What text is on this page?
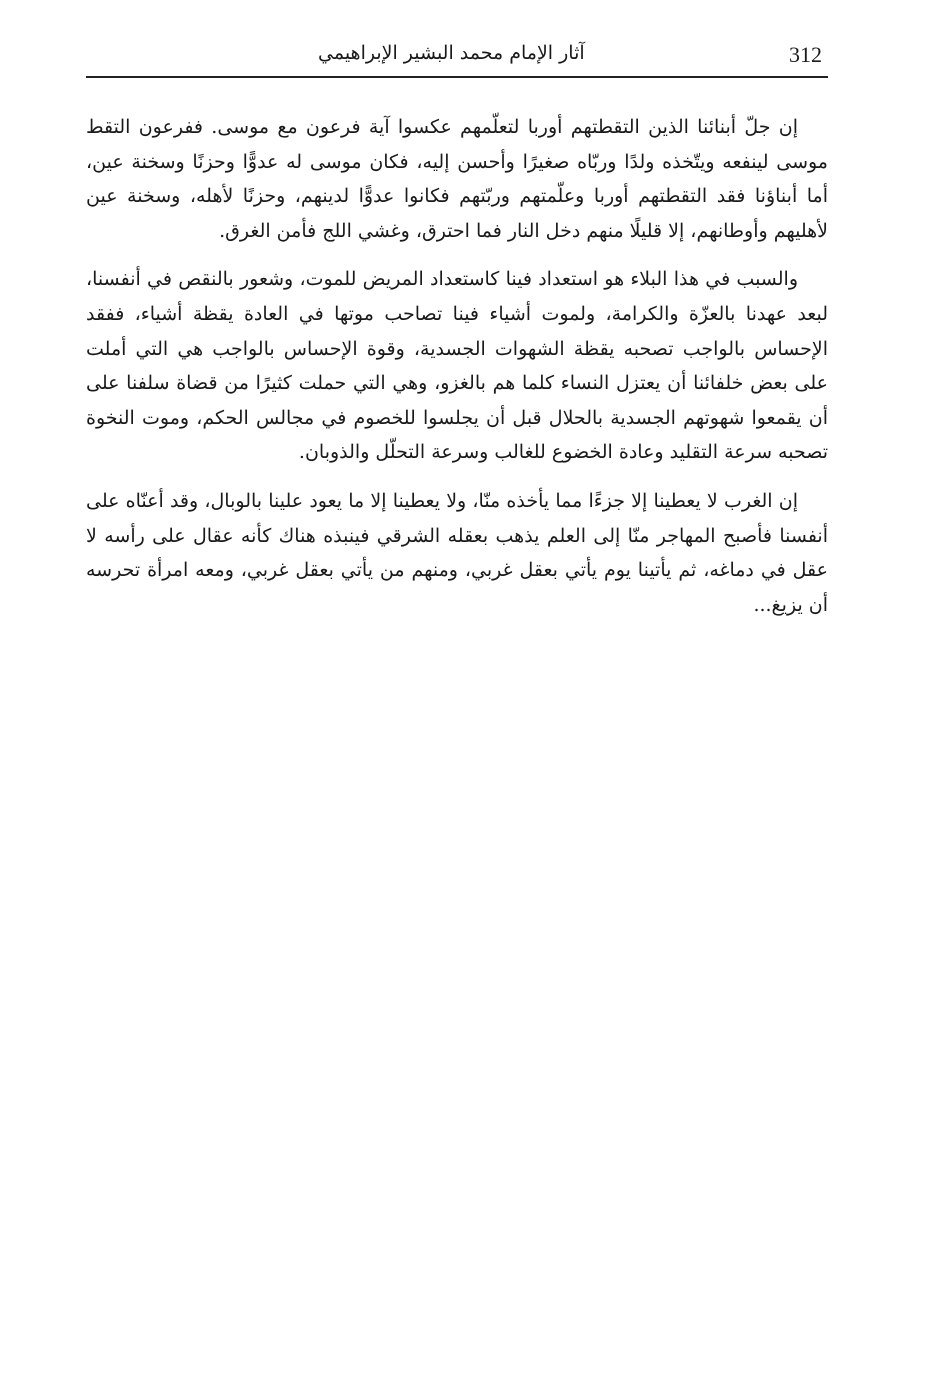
312
آثار الإمام محمد البشير الإبراهيمي

إن جلّ أبنائنا الذين التقطتهم أوربا لتعلّمهم عكسوا آية فرعون مع موسى. ففرعون التقط موسى لينفعه ويتّخذه ولدًا وربّاه صغيرًا وأحسن إليه، فكان موسى له عدوًّا وحزنًا وسخنة عين، أما أبناؤنا فقد التقطتهم أوربا وعلّمتهم وربّتهم فكانوا عدوًّا لدينهم، وحزنًا لأهله، وسخنة عين لأهليهم وأوطانهم، إلا قليلًا منهم دخل النار فما احترق، وغشي اللج فأمن الغرق.

والسبب في هذا البلاء هو استعداد فينا كاستعداد المريض للموت، وشعور بالنقص في أنفسنا، لبعد عهدنا بالعزّة والكرامة، ولموت أشياء فينا تصاحب موتها في العادة يقظة أشياء، ففقد الإحساس بالواجب تصحبه يقظة الشهوات الجسدية، وقوة الإحساس بالواجب هي التي أملت على بعض خلفائنا أن يعتزل النساء كلما هم بالغزو، وهي التي حملت كثيرًا من قضاة سلفنا على أن يقمعوا شهوتهم الجسدية بالحلال قبل أن يجلسوا للخصوم في مجالس الحكم، وموت النخوة تصحبه سرعة التقليد وعادة الخضوع للغالب وسرعة التحلّل والذوبان.

إن الغرب لا يعطينا إلا جزءًا مما يأخذه منّا، ولا يعطينا إلا ما يعود علينا بالوبال، وقد أعنّاه على أنفسنا فأصبح المهاجر منّا إلى العلم يذهب بعقله الشرقي فينبذه هناك كأنه عقال على رأسه لا عقل في دماغه، ثم يأتينا يوم يأتي بعقل غربي، ومنهم من يأتي بعقل غربي، ومعه امرأة تحرسه أن يزيغ...
